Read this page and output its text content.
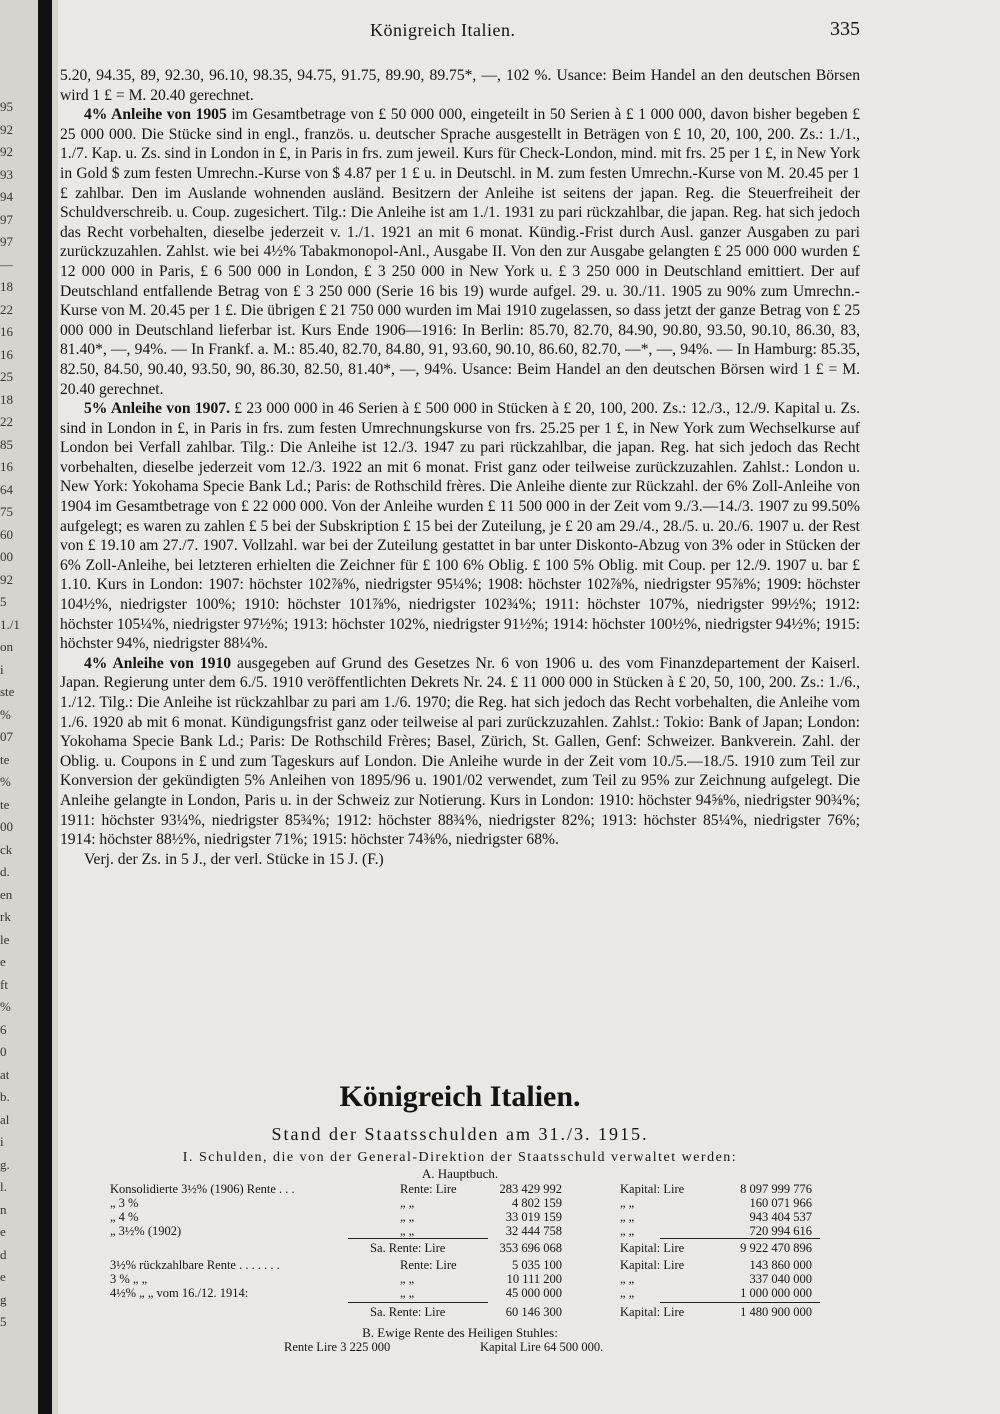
95
92
92
93
94
97
97
—
18
22
16
16
25
18
22
85
16
64
75
60
00
92
5
1./1
on
i
ste
%
07
te
%
te
00
ck
d.
en
rk
le
e
ft
%
6
0
at
b.
al
i
g.
l.
n
e
d
e
g
5
Königreich Italien.	335

5.20, 94.35, 89, 92.30, 96.10, 98.35, 94.75, 91.75, 89.90, 89.75*, —, 102 %. Usance: Beim Handel an den deutschen Börsen wird 1 £ = M. 20.40 gerechnet.

4% Anleihe von 1905 im Gesamtbetrage von £ 50 000 000, eingeteilt in 50 Serien à £ 1 000 000, davon bisher begeben £ 25 000 000. Die Stücke sind in engl., französ. u. deutscher Sprache ausgestellt in Beträgen von £ 10, 20, 100, 200. Zs.: 1./1., 1./7. Kap. u. Zs. sind in London in £, in Paris in frs. zum jeweil. Kurs für Check-London, mind. mit frs. 25 per 1 £, in New York in Gold $ zum festen Umrechn.-Kurse von $ 4.87 per 1 £ u. in Deutschl. in M. zum festen Umrechn.-Kurse von M. 20.45 per 1 £ zahlbar. Den im Auslande wohnenden ausländ. Besitzern der Anleihe ist seitens der japan. Reg. die Steuerfreiheit der Schuldverschreib. u. Coup. zugesichert. Tilg.: Die Anleihe ist am 1./1. 1931 zu pari rückzahlbar, die japan. Reg. hat sich jedoch das Recht vorbehalten, dieselbe jederzeit v. 1./1. 1921 an mit 6 monat. Kündig.-Frist durch Ausl. ganzer Ausgaben zu pari zurückzuzahlen. Zahlst. wie bei 4½% Tabakmonopol-Anl., Ausgabe II. Von den zur Ausgabe gelangten £ 25 000 000 wurden £ 12 000 000 in Paris, £ 6 500 000 in London, £ 3 250 000 in New York u. £ 3 250 000 in Deutschland emittiert. Der auf Deutschland entfallende Betrag von £ 3 250 000 (Serie 16 bis 19) wurde aufgel. 29. u. 30./11. 1905 zu 90% zum Umrechn.-Kurse von M. 20.45 per 1 £. Die übrigen £ 21 750 000 wurden im Mai 1910 zugelassen, so dass jetzt der ganze Betrag von £ 25 000 000 in Deutschland lieferbar ist. Kurs Ende 1906—1916: In Berlin: 85.70, 82.70, 84.90, 90.80, 93.50, 90.10, 86.30, 83, 81.40*, —, 94%. — In Frankf. a. M.: 85.40, 82.70, 84.80, 91, 93.60, 90.10, 86.60, 82.70, —*, —, 94%. — In Hamburg: 85.35, 82.50, 84.50, 90.40, 93.50, 90, 86.30, 82.50, 81.40*, —, 94%. Usance: Beim Handel an den deutschen Börsen wird 1 £ = M. 20.40 gerechnet.

5% Anleihe von 1907. £ 23 000 000 in 46 Serien à £ 500 000 in Stücken à £ 20, 100, 200. Zs.: 12./3., 12./9. Kapital u. Zs. sind in London in £, in Paris in frs. zum festen Umrechnungskurse von frs. 25.25 per 1 £, in New York zum Wechselkurse auf London bei Verfall zahlbar. Tilg.: Die Anleihe ist 12./3. 1947 zu pari rückzahlbar, die japan. Reg. hat sich jedoch das Recht vorbehalten, dieselbe jederzeit vom 12./3. 1922 an mit 6 monat. Frist ganz oder teilweise zurückzuzahlen. Zahlst.: London u. New York: Yokohama Specie Bank Ld.; Paris: de Rothschild frères. Die Anleihe diente zur Rückzahl. der 6% Zoll-Anleihe von 1904 im Gesamtbetrage von £ 22 000 000. Von der Anleihe wurden £ 11 500 000 in der Zeit vom 9./3.—14./3. 1907 zu 99.50% aufgelegt; es waren zu zahlen £ 5 bei der Subskription £ 15 bei der Zuteilung, je £ 20 am 29./4., 28./5. u. 20./6. 1907 u. der Rest von £ 19.10 am 27./7. 1907. Vollzahl. war bei der Zuteilung gestattet in bar unter Diskonto-Abzug von 3% oder in Stücken der 6% Zoll-Anleihe, bei letzteren erhielten die Zeichner für £ 100 6% Oblig. £ 100 5% Oblig. mit Coup. per 12./9. 1907 u. bar £ 1.10. Kurs in London: 1907: höchster 102⅞%, niedrigster 95¼%; 1908: höchster 102⅞%, niedrigster 95⅞%; 1909: höchster 104½%, niedrigster 100%; 1910: höchster 101⅞%, niedrigster 102¾%; 1911: höchster 107%, niedrigster 99½%; 1912: höchster 105¼%, niedrigster 97½%; 1913: höchster 102%, niedrigster 91½%; 1914: höchster 100½%, niedrigster 94½%; 1915: höchster 94%, niedrigster 88¼%.

4% Anleihe von 1910 ausgegeben auf Grund des Gesetzes Nr. 6 von 1906 u. des vom Finanzdepartement der Kaiserl. Japan. Regierung unter dem 6./5. 1910 veröffentlichten Dekrets Nr. 24. £ 11 000 000 in Stücken à £ 20, 50, 100, 200. Zs.: 1./6., 1./12. Tilg.: Die Anleihe ist rückzahlbar zu pari am 1./6. 1970; die Reg. hat sich jedoch das Recht vorbehalten, die Anleihe vom 1./6. 1920 ab mit 6 monat. Kündigungsfrist ganz oder teilweise al pari zurückzuzahlen. Zahlst.: Tokio: Bank of Japan; London: Yokohama Specie Bank Ld.; Paris: De Rothschild Frères; Basel, Zürich, St. Gallen, Genf: Schweizer. Bankverein. Zahl. der Oblig. u. Coupons in £ und zum Tageskurs auf London. Die Anleihe wurde in der Zeit vom 10./5.—18./5. 1910 zum Teil zur Konversion der gekündigten 5% Anleihen von 1895/96 u. 1901/02 verwendet, zum Teil zu 95% zur Zeichnung aufgelegt. Die Anleihe gelangte in London, Paris u. in der Schweiz zur Notierung. Kurs in London: 1910: höchster 94⅝%, niedrigster 90¾%; 1911: höchster 93¼%, niedrigster 85¾%; 1912: höchster 88¾%, niedrigster 82%; 1913: höchster 85¼%, niedrigster 76%; 1914: höchster 88½%, niedrigster 71%; 1915: höchster 74⅜%, niedrigster 68%.

Verj. der Zs. in 5 J., der verl. Stücke in 15 J. (F.)

Königreich Italien.
Stand der Staatsschulden am 31./3. 1915.
I. Schulden, die von der General-Direktion der Staatsschuld verwaltet werden:
A. Hauptbuch.
Konsolidierte 3½% (1906) Rente . . .	Rente: Lire	283 429 992	Kapital: Lire	8 097 999 776
„ 3 %	„ „	4 802 159	„ „	160 071 966
„ 4 %	„ „	33 019 159	„ „	943 404 537
„ 3½% (1902)	„ „	32 444 758	„ „	720 994 616
Sa. Rente: Lire	353 696 068	Kapital: Lire	9 922 470 896
3½% rückzahlbare Rente . . . . . . .	Rente: Lire	5 035 100	Kapital: Lire	143 860 000
3 % „ „	„ „	10 111 200	„ „	337 040 000
4½% „ „ vom 16./12. 1914:	„ „	45 000 000	„ „	1 000 000 000
Sa. Rente: Lire	60 146 300	Kapital: Lire	1 480 900 000
B. Ewige Rente des Heiligen Stuhles:
Rente Lire 3 225 000	Kapital Lire 64 500 000.
